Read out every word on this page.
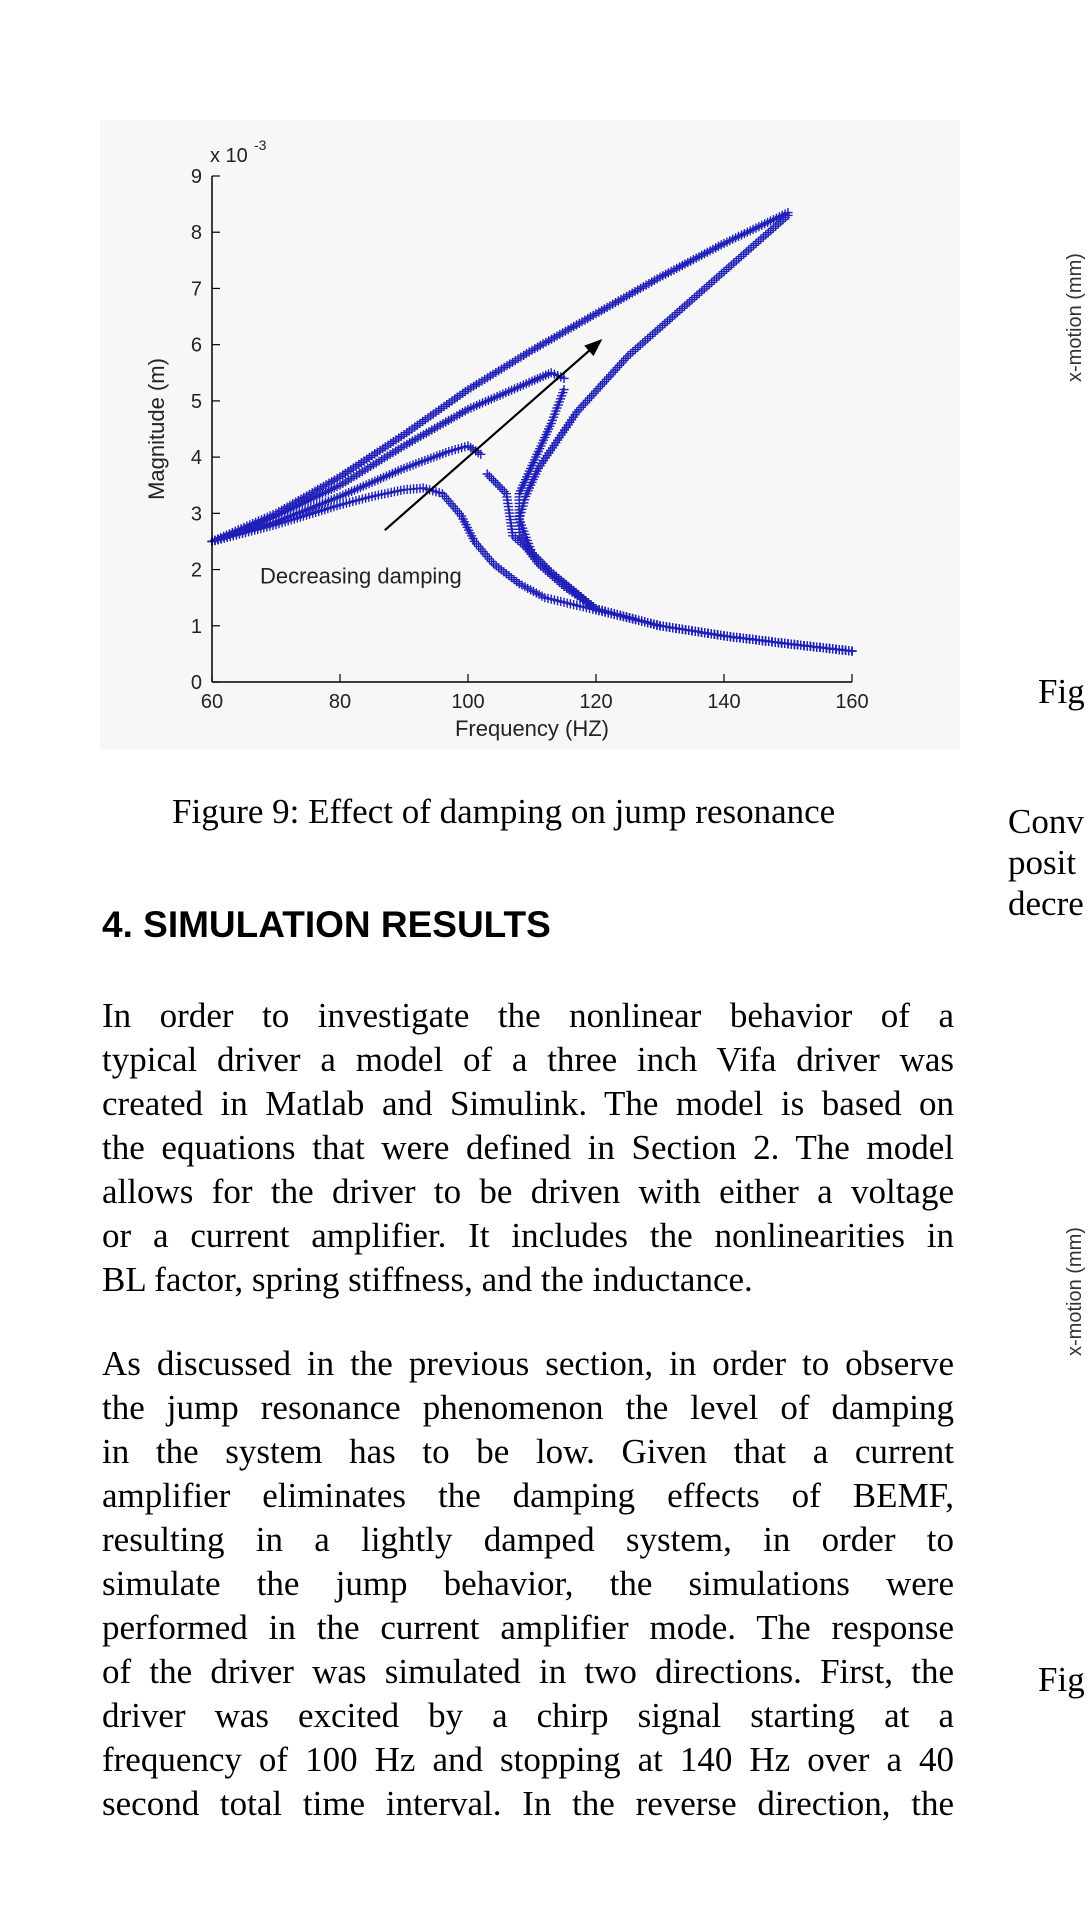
60	80	100	120	140	160
0
1
2
3
4
5
6
7
8
9
Decreasing damping
Frequency (HZ)
Magnitude (m)
x 10 -3
Figure 9: Effect of damping on jump resonance
4. SIMULATION RESULTS
In order to investigate the nonlinear behavior of a
typical driver a model of a three inch Vifa driver was
created in Matlab and Simulink. The model is based on
the equations that were defined in Section 2. The model
allows for the driver to be driven with either a voltage
or a current amplifier. It includes the nonlinearities in
BL factor, spring stiffness, and the inductance.
As discussed in the previous section, in order to observe
the jump resonance phenomenon the level of damping
in the system has to be low. Given that a current
amplifier eliminates the damping effects of BEMF,
resulting in a lightly damped system, in order to
simulate the jump behavior, the simulations were
performed in the current amplifier mode. The response
of the driver was simulated in two directions. First, the
driver was excited by a chirp signal starting at a
frequency of 100 Hz and stopping at 140 Hz over a 40
second total time interval. In the reverse direction, the
x-motion (mm)
Fig
Conv
posit
decre
x-motion (mm)
Fig
